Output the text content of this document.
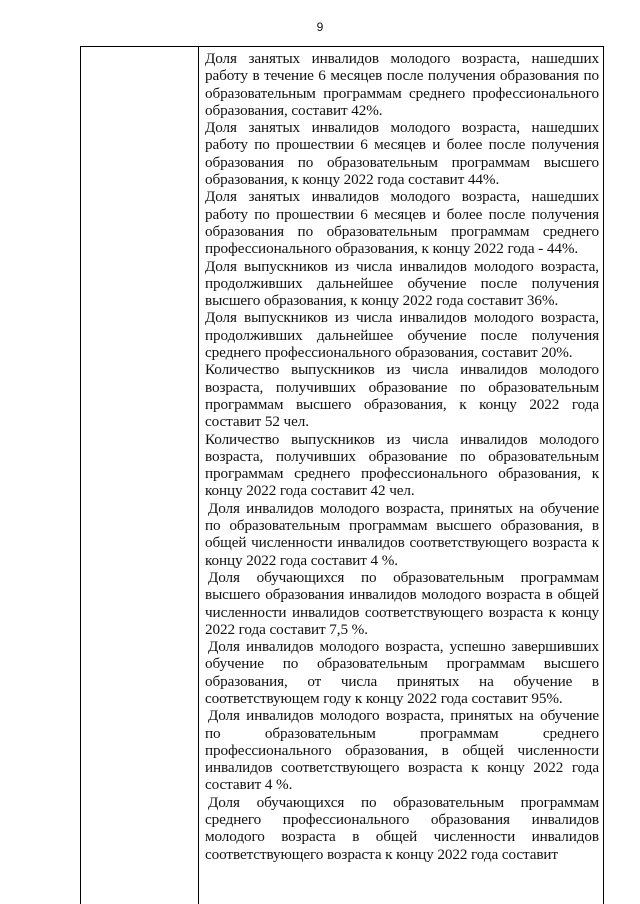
9

Доля занятых инвалидов молодого возраста, нашедших работу в течение 6 месяцев после получения образования по образовательным программам среднего профессионального образования, составит 42%.

Доля занятых инвалидов молодого возраста, нашедших работу по прошествии 6 месяцев и более после получения образования по образовательным программам высшего образования, к концу 2022 года составит 44%.

Доля занятых инвалидов молодого возраста, нашедших работу по прошествии 6 месяцев и более после получения образования по образовательным программам среднего профессионального образования, к концу 2022 года - 44%.

Доля выпускников из числа инвалидов молодого возраста, продолживших дальнейшее обучение после получения высшего образования, к концу 2022 года составит 36%.

Доля выпускников из числа инвалидов молодого возраста, продолживших дальнейшее обучение после получения среднего профессионального образования, составит 20%.

Количество выпускников из числа инвалидов молодого возраста, получивших образование по образовательным программам высшего образования, к концу 2022 года составит 52 чел.

Количество выпускников из числа инвалидов молодого возраста, получивших образование по образовательным программам среднего профессионального образования, к концу 2022 года составит 42 чел.

Доля инвалидов молодого возраста, принятых на обучение по образовательным программам высшего образования, в общей численности инвалидов соответствующего возраста к концу 2022 года составит 4 %.

Доля обучающихся по образовательным программам высшего образования инвалидов молодого возраста в общей численности инвалидов соответствующего возраста к концу 2022 года составит 7,5 %.

Доля инвалидов молодого возраста, успешно завершивших обучение по образовательным программам высшего образования, от числа принятых на обучение в соответствующем году к концу 2022 года составит 95%.

Доля инвалидов молодого возраста, принятых на обучение по образовательным программам среднего профессионального образования, в общей численности инвалидов соответствующего возраста к концу 2022 года составит 4 %.

Доля обучающихся по образовательным программам среднего профессионального образования инвалидов молодого возраста в общей численности инвалидов соответствующего возраста к концу 2022 года составит
